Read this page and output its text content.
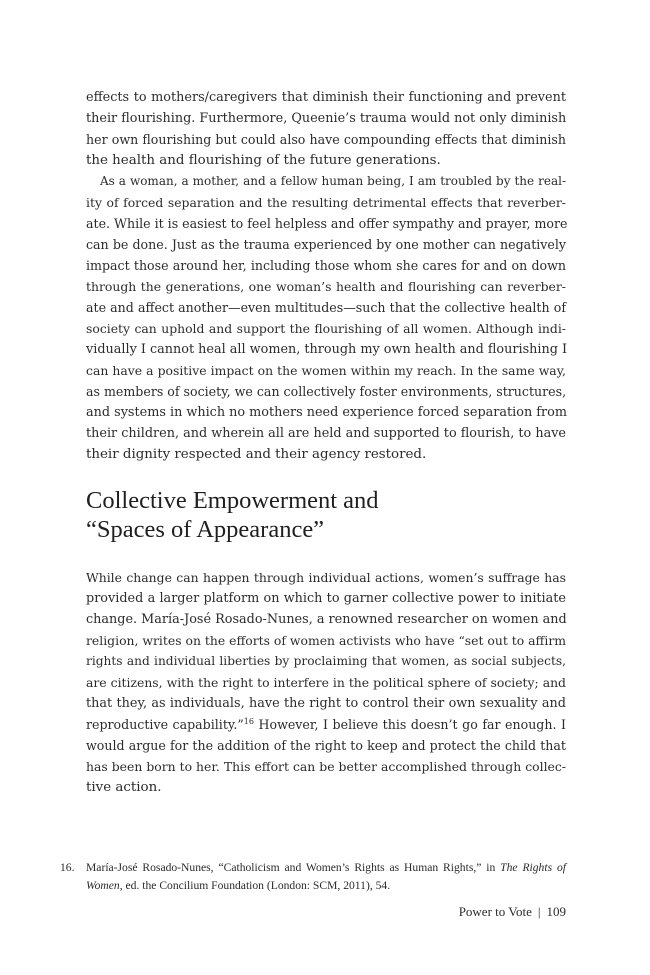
effects to mothers/caregivers that diminish their functioning and prevent

their flourishing. Furthermore, Queenie’s trauma would not only diminish

her own flourishing but could also have compounding effects that diminish

the health and flourishing of the future generations.

As a woman, a mother, and a fellow human being, I am troubled by the real-

ity of forced separation and the resulting detrimental effects that reverber-

ate. While it is easiest to feel helpless and offer sympathy and prayer, more

can be done. Just as the trauma experienced by one mother can negatively

impact those around her, including those whom she cares for and on down

through the generations, one woman’s health and flourishing can reverber-

ate and affect another—even multitudes—such that the collective health of

society can uphold and support the flourishing of all women. Although indi-

vidually I cannot heal all women, through my own health and flourishing I

can have a positive impact on the women within my reach. In the same way,

as members of society, we can collectively foster environments, structures,

and systems in which no mothers need experience forced separation from

their children, and wherein all are held and supported to flourish, to have

their dignity respected and their agency restored.

Collective Empowerment and
“Spaces of Appearance”

While change can happen through individual actions, women’s suffrage has

provided a larger platform on which to garner collective power to initiate

change. María-José Rosado-Nunes, a renowned researcher on women and

religion, writes on the efforts of women activists who have “set out to affirm

rights and individual liberties by proclaiming that women, as social subjects,

are citizens, with the right to interfere in the political sphere of society; and

that they, as individuals, have the right to control their own sexuality and

reproductive capability.”$^{16}$ However, I believe this doesn’t go far enough. I

would argue for the addition of the right to keep and protect the child that

has been born to her. This effort can be better accomplished through collec-

tive action.

16. María-José Rosado-Nunes, “Catholicism and Women’s Rights as Human Rights,” in The Rights of

Women, ed. the Concilium Foundation (London: SCM, 2011), 54.

Power to Vote | 109
